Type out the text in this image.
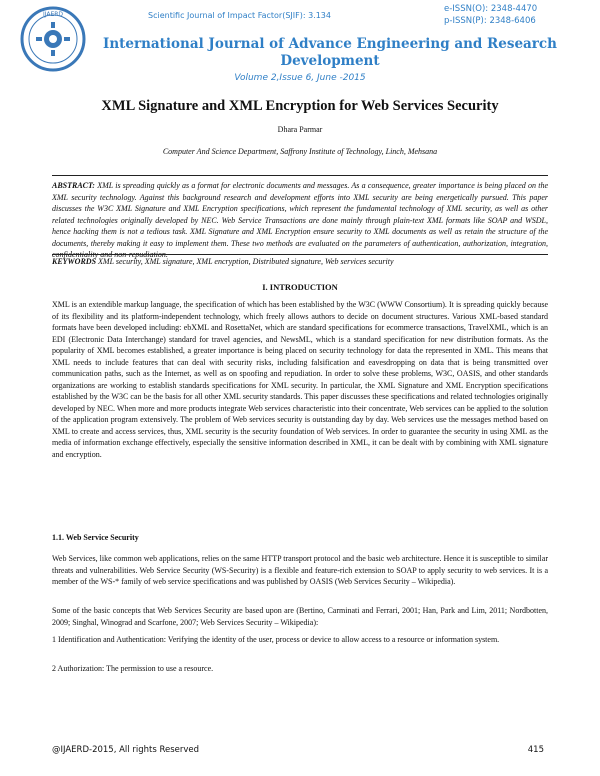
IJAERD	Scientific Journal of Impact Factor(SJIF): 3.134
e-ISSN(O): 2348-4470
p-ISSN(P): 2348-6406
International Journal of Advance Engineering and Research Development
Volume 2,Issue 6, June -2015
XML Signature and XML Encryption for Web Services Security
Dhara Parmar
Computer And Science Department, Saffrony Institute of Technology, Linch, Mehsana
ABSTRACT: XML is spreading quickly as a format for electronic documents and messages. As a consequence, greater importance is being placed on the XML security technology. Against this background research and development efforts into XML security are being energetically pursued. This paper discusses the W3C XML Signature and XML Encryption specifications, which represent the fundamental technology of XML security, as well as other related technologies originally developed by NEC. Web Service Transactions are done mainly through plain-text XML formats like SOAP and WSDL, hence hacking them is not a tedious task. XML Signature and XML Encryption ensure security to XML documents as well as retain the structure of the documents, thereby making it easy to implement them. These two methods are evaluated on the parameters of authentication, authorization, integration, confidentiality and non-repudiation.
KEYWORDS XML security, XML signature, XML encryption, Distributed signature, Web services security
I. INTRODUCTION

XML is an extendible markup language, the specification of which has been established by the W3C (WWW Consortium). It is spreading quickly because of its flexibility and its platform-independent technology, which freely allows authors to decide on document structures. Various XML-based standard formats have been developed including: ebXML and RosettaNet, which are standard specifications for ecommerce transactions, TravelXML, which is an EDI (Electronic Data Interchange) standard for travel agencies, and NewsML, which is a standard specification for new distribution formats. As the popularity of XML becomes established, a greater importance is being placed on security technology for data the represented in XML. This means that XML needs to include features that can deal with security risks, including falsification and eavesdropping on data that is being transmitted over communication paths, such as the Internet, as well as on spoofing and repudiation. In order to solve these problems, W3C, OASIS, and other standards organizations are working to establish standards specifications for XML security. In particular, the XML Signature and XML Encryption specifications established by the W3C can be the basis for all other XML security standards. This paper discusses these specifications and related technologies originally developed by NEC. When more and more products integrate Web services characteristic into their concentrate, Web services can be applied to the solution of the application program extensively. The problem of Web services security is outstanding day by day. Web services use the messages method based on XML to create and access services, thus, XML security is the security foundation of Web services. In order to guarantee the security in using XML as the media of information exchange effectively, especially the sensitive information described in XML, it can be dealt with by combining with XML signature and encryption.

1.1. Web Service Security

Web Services, like common web applications, relies on the same HTTP transport protocol and the basic web architecture. Hence it is susceptible to similar threats and vulnerabilities. Web Service Security (WS-Security) is a flexible and feature-rich extension to SOAP to apply security to web services. It is a member of the WS-* family of web service specifications and was published by OASIS (Web Services Security – Wikipedia).

Some of the basic concepts that Web Services Security are based upon are (Bertino, Carminati and Ferrari, 2001; Han, Park and Lim, 2011; Nordbotten, 2009; Singhal, Winograd and Scarfone, 2007; Web Services Security – Wikipedia):

1 Identification and Authentication: Verifying the identity of the user, process or device to allow access to a resource or information system.

2 Authorization: The permission to use a resource.

@IJAERD-2015, All rights Reserved	415
